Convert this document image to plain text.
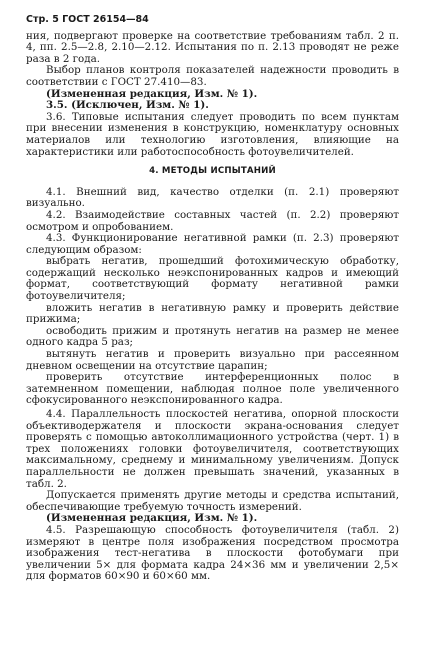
Стр. 5 ГОСТ 26154—84

ния, подвергают проверке на соответствие требованиям табл. 2 п. 4, пп. 2.5—2.8, 2.10—2.12. Испытания по п. 2.13 проводят не реже раза в 2 года.

Выбор планов контроля показателей надежности проводить в соответствии с ГОСТ 27.410—83.

(Измененная редакция, Изм. № 1).

3.5. (Исключен, Изм. № 1).

3.6. Типовые испытания следует проводить по всем пунктам при внесении изменения в конструкцию, номенклатуру основных материалов или технологию изготовления, влияющие на характеристики или работоспособность фотоувеличителей.

4. МЕТОДЫ ИСПЫТАНИЙ

4.1. Внешний вид, качество отделки (п. 2.1) проверяют визуально.

4.2. Взаимодействие составных частей (п. 2.2) проверяют осмотром и опробованием.

4.3. Функционирование негативной рамки (п. 2.3) проверяют следующим образом:

выбрать негатив, прошедший фотохимическую обработку, содержащий несколько неэкспонированных кадров и имеющий формат, соответствующий формату негативной рамки фотоувеличителя;

вложить негатив в негативную рамку и проверить действие прижима;

освободить прижим и протянуть негатив на размер не менее одного кадра 5 раз;

вытянуть негатив и проверить визуально при рассеянном дневном освещении на отсутствие царапин;

проверить отсутствие интерференционных полос в затемненном помещении, наблюдая полное поле увеличенного сфокусированного неэкспонированного кадра.

4.4. Параллельность плоскостей негатива, опорной плоскости объективодержателя и плоскости экрана-основания следует проверять с помощью автоколлимационного устройства (черт. 1) в трех положениях головки фотоувеличителя, соответствующих максимальному, среднему и минимальному увеличениям. Допуск параллельности не должен превышать значений, указанных в табл. 2.

Допускается применять другие методы и средства испытаний, обеспечивающие требуемую точность измерений.

(Измененная редакция, Изм. № 1).

4.5. Разрешающую способность фотоувеличителя (табл. 2) измеряют в центре поля изображения посредством просмотра изображения тест-негатива в плоскости фотобумаги при увеличении 5× для формата кадра 24×36 мм и увеличении 2,5× для форматов 60×90 и 60×60 мм.
